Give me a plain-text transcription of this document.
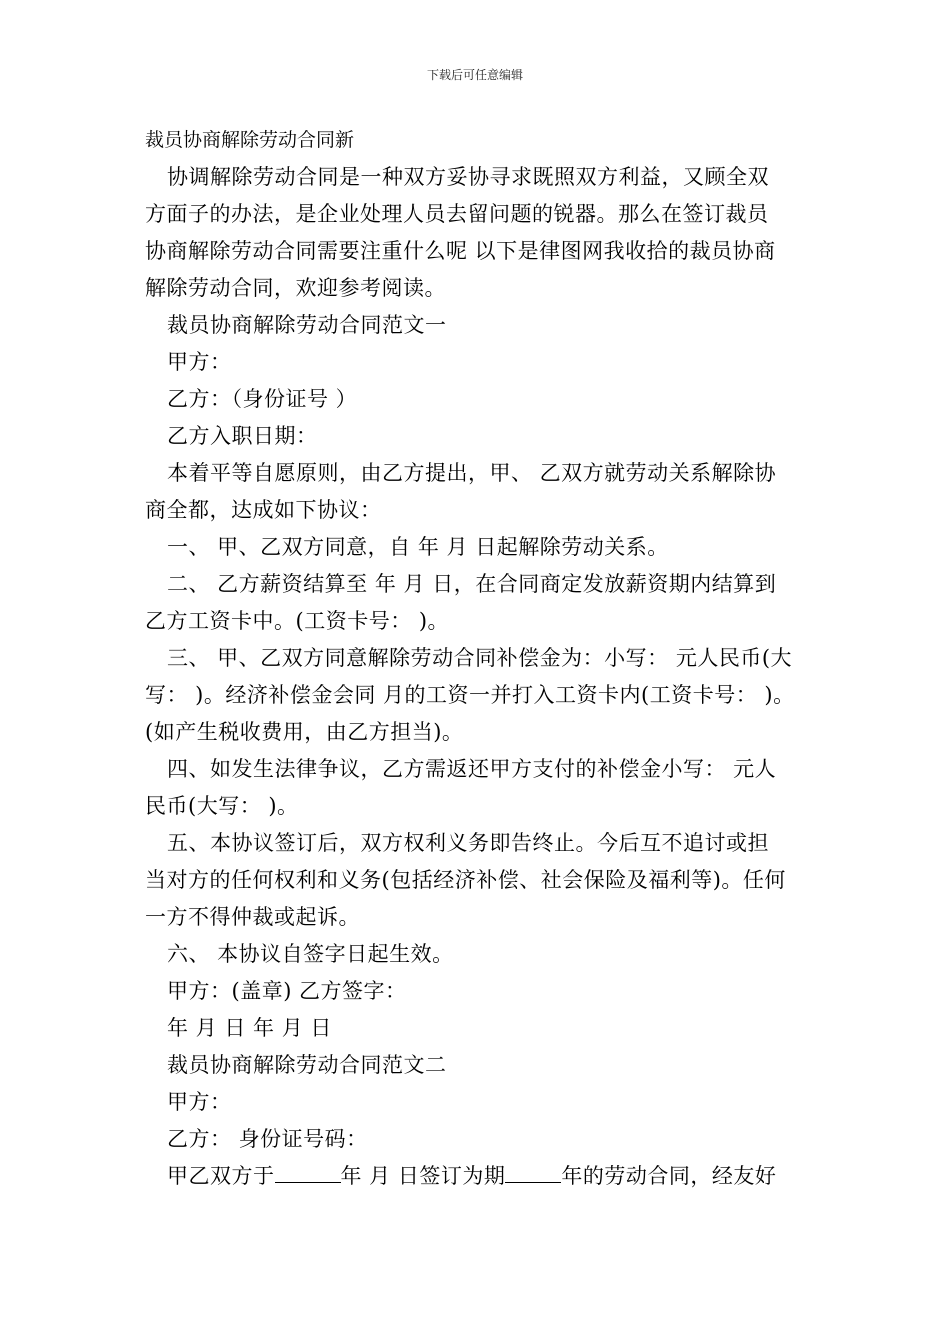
下载后可任意编辑
裁员协商解除劳动合同新
协调解除劳动合同是一种双方妥协寻求既照双方利益，又顾全双
方面子的办法，是企业处理人员去留问题的锐器。那么在签订裁员
协商解除劳动合同需要注重什么呢 以下是律图网我收拾的裁员协商
解除劳动合同，欢迎参考阅读。
裁员协商解除劳动合同范文一
甲方：
乙方：（身份证号 ）
乙方入职日期：
本着平等自愿原则，由乙方提出，甲、 乙双方就劳动关系解除协
商全都，达成如下协议：
一、 甲、乙双方同意，自 年 月 日起解除劳动关系。
二、 乙方薪资结算至 年 月 日，在合同商定发放薪资期内结算到
乙方工资卡中。(工资卡号： )。
三、 甲、乙双方同意解除劳动合同补偿金为：小写： 元人民币(大
写： )。经济补偿金会同 月的工资一并打入工资卡内(工资卡号： )。
(如产生税收费用，由乙方担当)。
四、如发生法律争议，乙方需返还甲方支付的补偿金小写： 元人
民币(大写： )。
五、本协议签订后，双方权利义务即告终止。今后互不追讨或担
当对方的任何权利和义务(包括经济补偿、社会保险及福利等)。任何
一方不得仲裁或起诉。
六、 本协议自签字日起生效。
甲方：(盖章) 乙方签字：
年 月 日 年 月 日
裁员协商解除劳动合同范文二
甲方：
乙方： 身份证号码：
甲乙双方于	年 月 日签订为期	年的劳动合同，经友好
